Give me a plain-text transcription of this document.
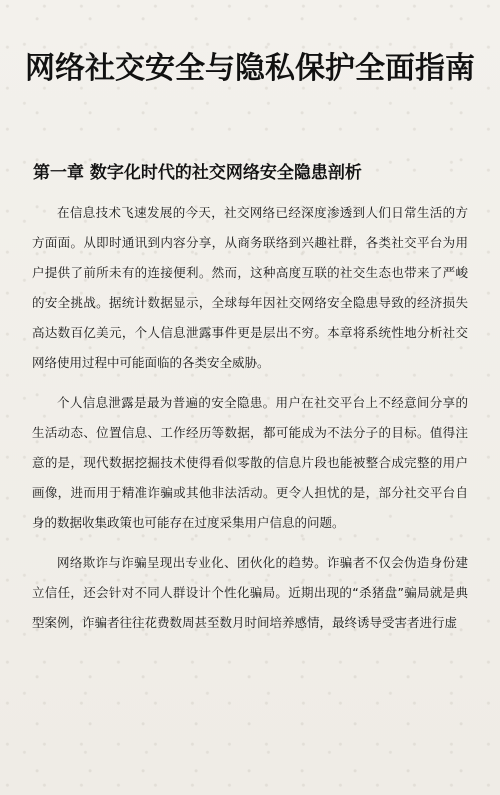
网络社交安全与隐私保护全面指南
第一章 数字化时代的社交网络安全隐患剖析

在信息技术飞速发展的今天，社交网络已经深度渗透到人们日常生活的方方面面。从即时通讯到内容分享，从商务联络到兴趣社群，各类社交平台为用户提供了前所未有的连接便利。然而，这种高度互联的社交生态也带来了严峻的安全挑战。据统计数据显示，全球每年因社交网络安全隐患导致的经济损失高达数百亿美元，个人信息泄露事件更是层出不穷。本章将系统性地分析社交网络使用过程中可能面临的各类安全威胁。

个人信息泄露是最为普遍的安全隐患。用户在社交平台上不经意间分享的生活动态、位置信息、工作经历等数据，都可能成为不法分子的目标。值得注意的是，现代数据挖掘技术使得看似零散的信息片段也能被整合成完整的用户画像，进而用于精准诈骗或其他非法活动。更令人担忧的是，部分社交平台自身的数据收集政策也可能存在过度采集用户信息的问题。

网络欺诈与诈骗呈现出专业化、团伙化的趋势。诈骗者不仅会伪造身份建立信任，还会针对不同人群设计个性化骗局。近期出现的“杀猪盘”骗局就是典型案例，诈骗者往往花费数周甚至数月时间培养感情，最终诱导受害者进行虚
